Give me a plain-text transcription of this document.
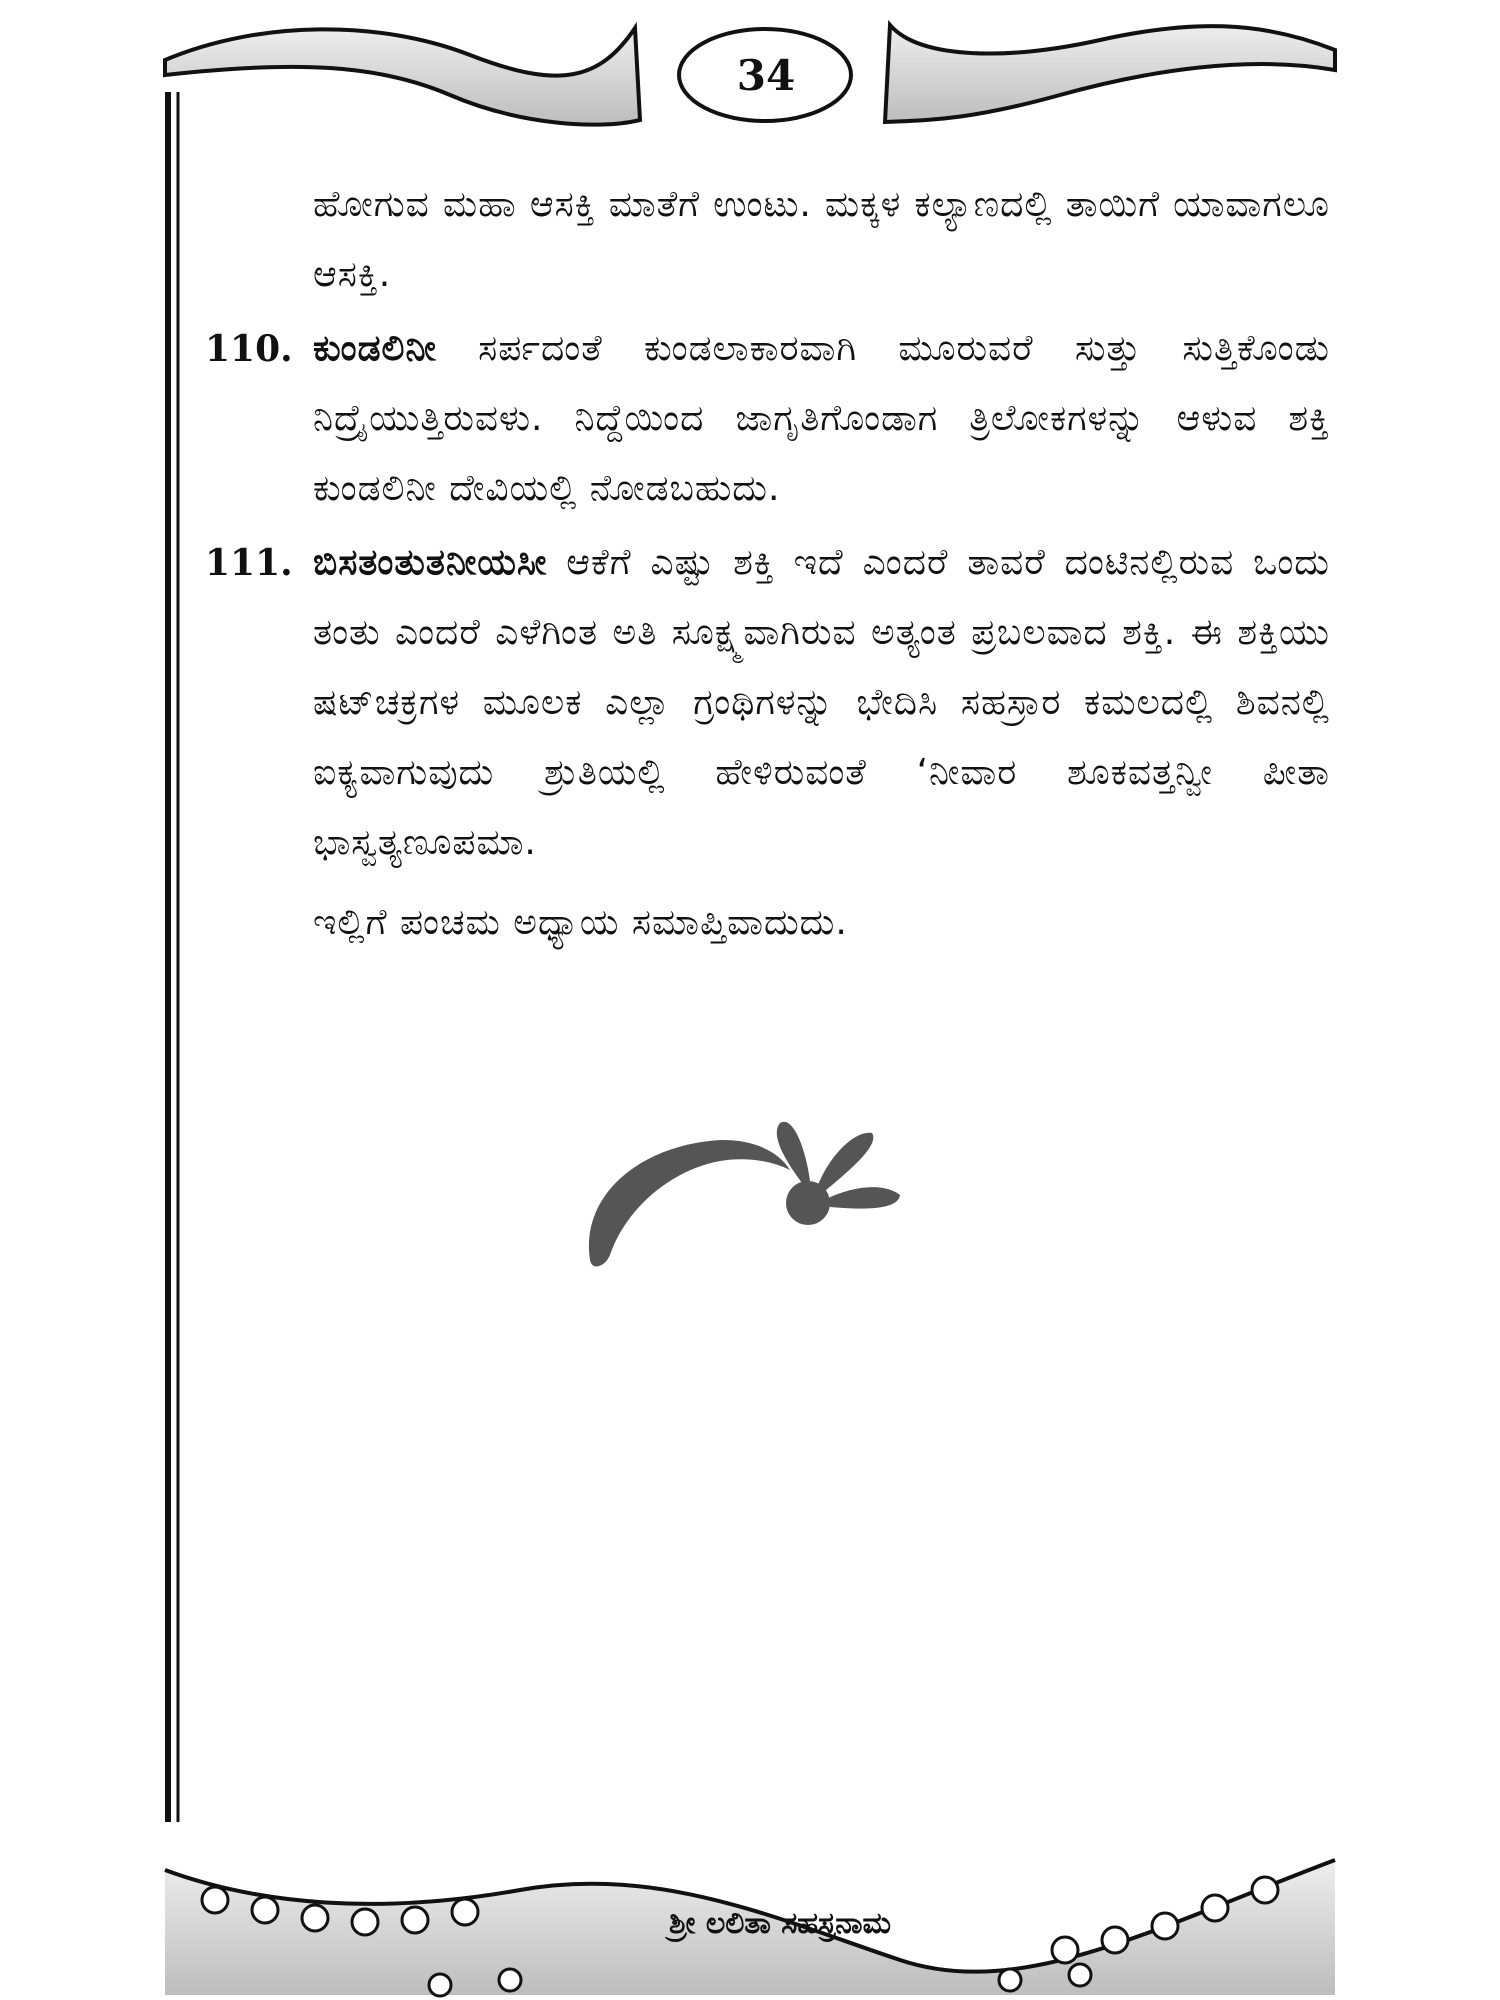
34

ಹೋಗುವ ಮಹಾ ಆಸಕ್ತಿ ಮಾತೆಗೆ ಉಂಟು. ಮಕ್ಕಳ ಕಲ್ಯಾಣದಲ್ಲಿ ತಾಯಿಗೆ ಯಾವಾಗಲೂ ಆಸಕ್ತಿ.

110. ಕುಂಡಲಿನೀ ಸರ್ಪದಂತೆ ಕುಂಡಲಾಕಾರವಾಗಿ ಮೂರುವರೆ ಸುತ್ತು ಸುತ್ತಿಕೊಂಡು ನಿದ್ರೈಯುತ್ತಿರುವಳು. ನಿದ್ದೆಯಿಂದ ಜಾಗೃತಿಗೊಂಡಾಗ ತ್ರಿಲೋಕಗಳನ್ನು ಆಳುವ ಶಕ್ತಿ ಕುಂಡಲಿನೀ ದೇವಿಯಲ್ಲಿ ನೋಡಬಹುದು.

111. ಬಿಸತಂತುತನೀಯಸೀ ಆಕೆಗೆ ಎಷ್ಟು ಶಕ್ತಿ ಇದೆ ಎಂದರೆ ತಾವರೆ ದಂಟಿನಲ್ಲಿರುವ ಒಂದು ತಂತು ಎಂದರೆ ಎಳೆಗಿಂತ ಅತಿ ಸೂಕ್ಷ್ಮವಾಗಿರುವ ಅತ್ಯಂತ ಪ್ರಬಲವಾದ ಶಕ್ತಿ. ಈ ಶಕ್ತಿಯು ಷಟ್‌ಚಕ್ರಗಳ ಮೂಲಕ ಎಲ್ಲಾ ಗ್ರಂಥಿಗಳನ್ನು ಭೇದಿಸಿ ಸಹಸ್ರಾರ ಕಮಲದಲ್ಲಿ ಶಿವನಲ್ಲಿ ಐಕ್ಯವಾಗುವುದು ಶ್ರುತಿಯಲ್ಲಿ ಹೇಳಿರುವಂತೆ ‘ನೀವಾರ ಶೂಕವತ್ತನ್ವೀ ಪೀತಾ ಭಾಸ್ವತ್ಯಣೂಪಮಾ.

ಇಲ್ಲಿಗೆ ಪಂಚಮ ಅಧ್ಯಾಯ ಸಮಾಪ್ತಿವಾದುದು.

ಶ್ರೀ ಲಲಿತಾ ಸಹಸ್ರನಾಮ
